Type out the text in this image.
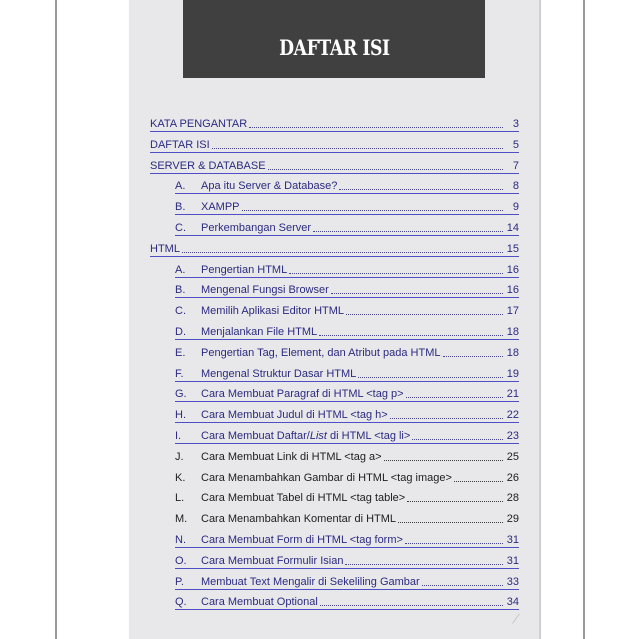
DAFTAR ISI
KATA PENGANTAR	3
DAFTAR ISI	5
SERVER & DATABASE	7
A.	Apa itu Server & Database?	8
B.	XAMPP	9
C.	Perkembangan Server	14
HTML	15
A.	Pengertian HTML	16
B.	Mengenal Fungsi Browser	16
C.	Memilih Aplikasi Editor HTML	17
D.	Menjalankan File HTML	18
E.	Pengertian Tag, Element, dan Atribut pada HTML	18
F.	Mengenal Struktur Dasar HTML	19
G.	Cara Membuat Paragraf di HTML <tag p>	21
H.	Cara Membuat Judul di HTML <tag h>	22
I.	Cara Membuat Daftar/List di HTML <tag li>	23
J.	Cara Membuat Link di HTML <tag a>	25
K.	Cara Menambahkan Gambar di HTML <tag image>	26
L.	Cara Membuat Tabel di HTML <tag table>	28
M.	Cara Menambahkan Komentar di HTML	29
N.	Cara Membuat Form di HTML <tag form>	31
O.	Cara Membuat Formulir Isian	31
P.	Membuat Text Mengalir di Sekeliling Gambar	33
Q.	Cara Membuat Optional	34
